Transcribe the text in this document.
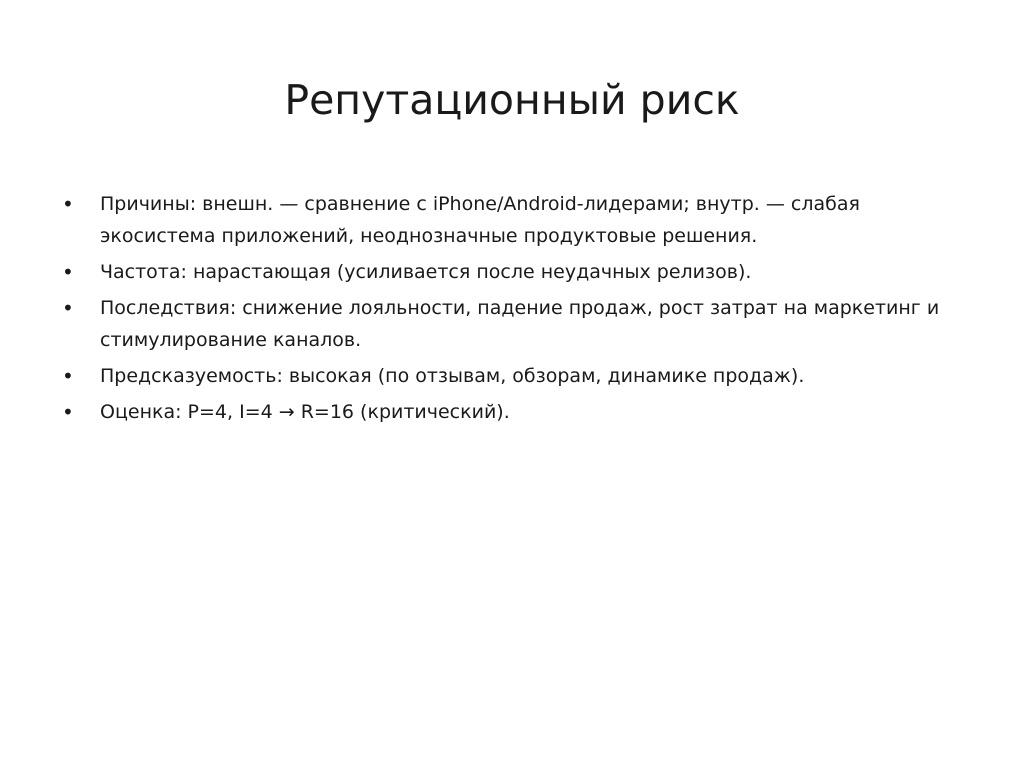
Репутационный риск
•	Причины: внешн. — сравнение с iPhone/Android-лидерами; внутр. — слабая экосистема приложений, неоднозначные продуктовые решения.
•	Частота: нарастающая (усиливается после неудачных релизов).
•	Последствия: снижение лояльности, падение продаж, рост затрат на маркетинг и стимулирование каналов.
•	Предсказуемость: высокая (по отзывам, обзорам, динамике продаж).
•	Оценка: P=4, I=4 → R=16 (критический).
